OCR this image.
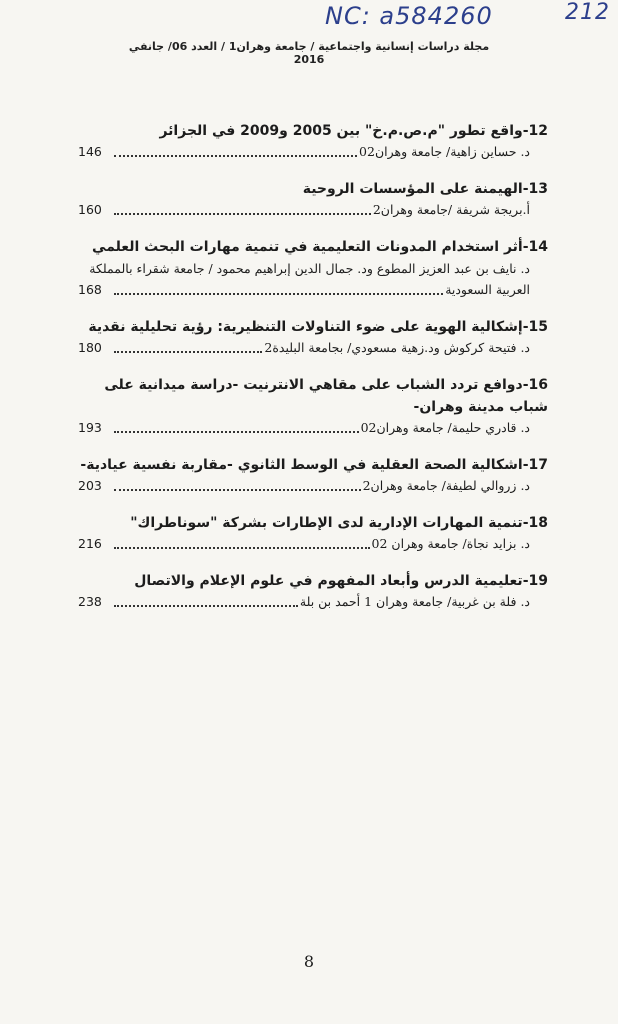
NC: a584260	212
مجلة دراسات إنسانية واجتماعية / جامعة وهران1 / العدد 06/ جانفي 2016
12-واقع تطور "م.ص.م.خ" بين 2005 و2009 في الجزائر
د. حساين زاهية/ جامعة وهران02
146
13-الهيمنة على المؤسسات الروحية
أ.بريجة شريفة /جامعة وهران2
160
14-أثر استخدام المدونات التعليمية في تنمية مهارات البحث العلمي
د. نايف بن عبد العزيز المطوع ود. جمال الدين إبراهيم محمود / جامعة شقراء بالمملكة
العربية السعودية
168
15-إشكالية الهوية على ضوء التناولات التنظيرية: رؤية تحليلية نقدية
د. فتيحة كركوش ود.زهية مسعودي/ بجامعة البليدة2
180
16-دوافع تردد الشباب على مقاهي الانترنيت -دراسة ميدانية على شباب مدينة وهران-
د. قادري حليمة/ جامعة وهران02
193
17-اشكالية الصحة العقلية في الوسط الثانوي -مقاربة نفسية عيادية-
د. زروالي لطيفة/ جامعة وهران2
203
18-تنمية المهارات الإدارية لدى الإطارات بشركة "سوناطراك"
د. بزايد نجاة/ جامعة وهران 02
216
19-تعليمية الدرس وأبعاد المفهوم في علوم الإعلام والاتصال
د. فلة بن غربية/ جامعة وهران 1 أحمد بن بلة
238
8
